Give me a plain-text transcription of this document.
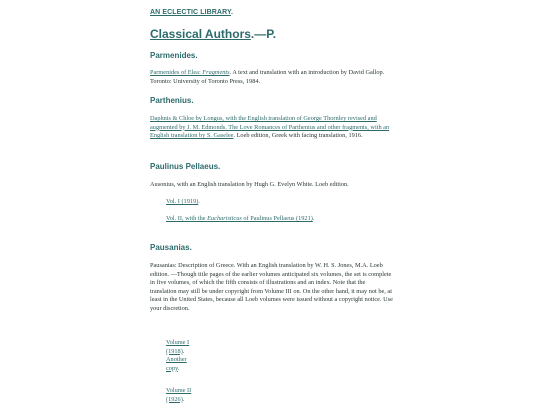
AN ECLECTIC LIBRARY.
Classical Authors.—P.
Parmenides.

Parmenides of Elea: Fragments. A text and translation with an introduction by David Gallop. Toronto: University of Toronto Press, 1984.

Parthenius.

Daphnis & Chloe by Longus, with the English translation of George Thornley revised and augmented by J. M. Edmonds. The Love Romances of Parthenius and other fragments, with an English translation by S. Gaselee. Loeb edition, Greek with facing translation, 1916.

Paulinus Pellaeus.

Ausonius, with an English translation by Hugh G. Evelyn White. Loeb edition.

Vol. I (1919).

Vol. II, with the Eucharisticus of Paulinus Pellaeus (1921).

Pausanias.

Pausanias: Description of Greece. With an English translation by W. H. S. Jones, M.A. Loeb edition. —Though title pages of the earlier volumes anticipated six volumes, the set is complete in five volumes, of which the fifth consists of illustrations and an index. Note that the translation may still be under copyright from Volume III on. On the other hand, it may not be, at least in the United States, because all Loeb volumes were issued without a copyright notice. Use your discretion.

Volume I (1918). Another copy.

Volume II (1926).
